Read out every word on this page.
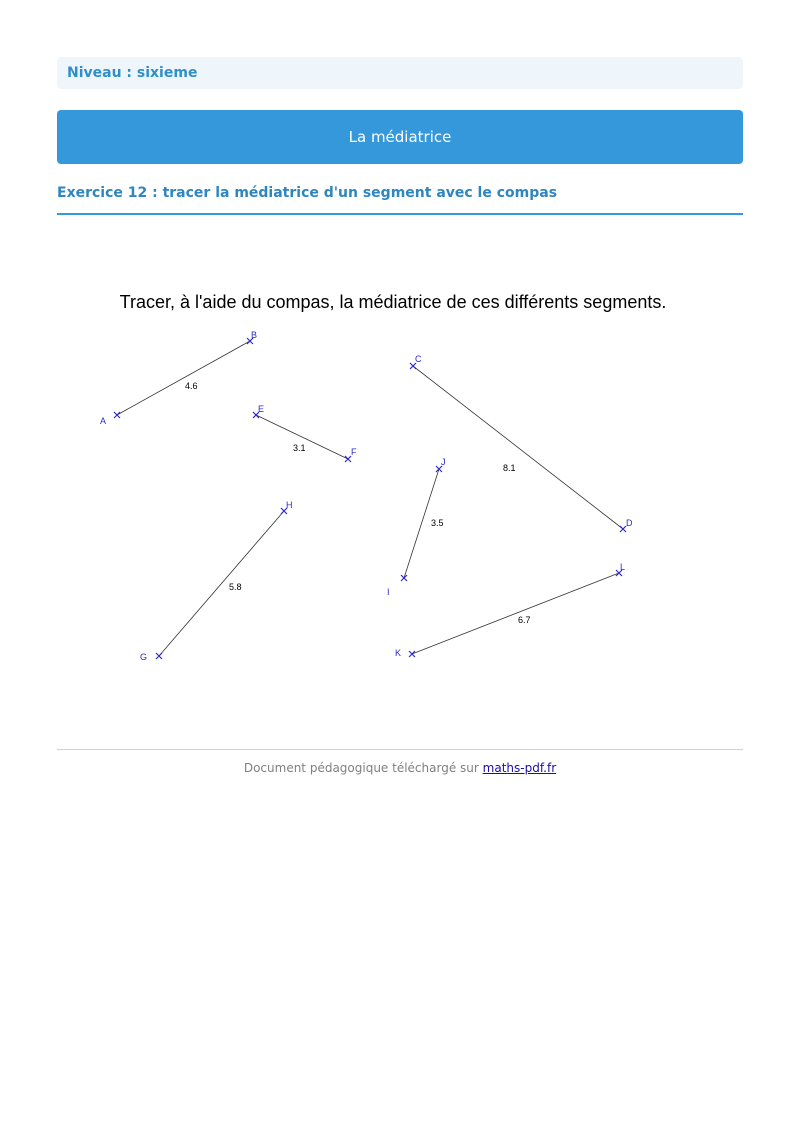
Niveau : sixieme
La médiatrice
Exercice 12 : tracer la médiatrice d'un segment avec le compas
Tracer, à l'aide du compas, la médiatrice de ces différents segments.
A
B
4.6
C
D
8.1
E
F
3.1
I
J
3.5
G
H
5.8
K
L
6.7
Document pédagogique téléchargé sur maths-pdf.fr
